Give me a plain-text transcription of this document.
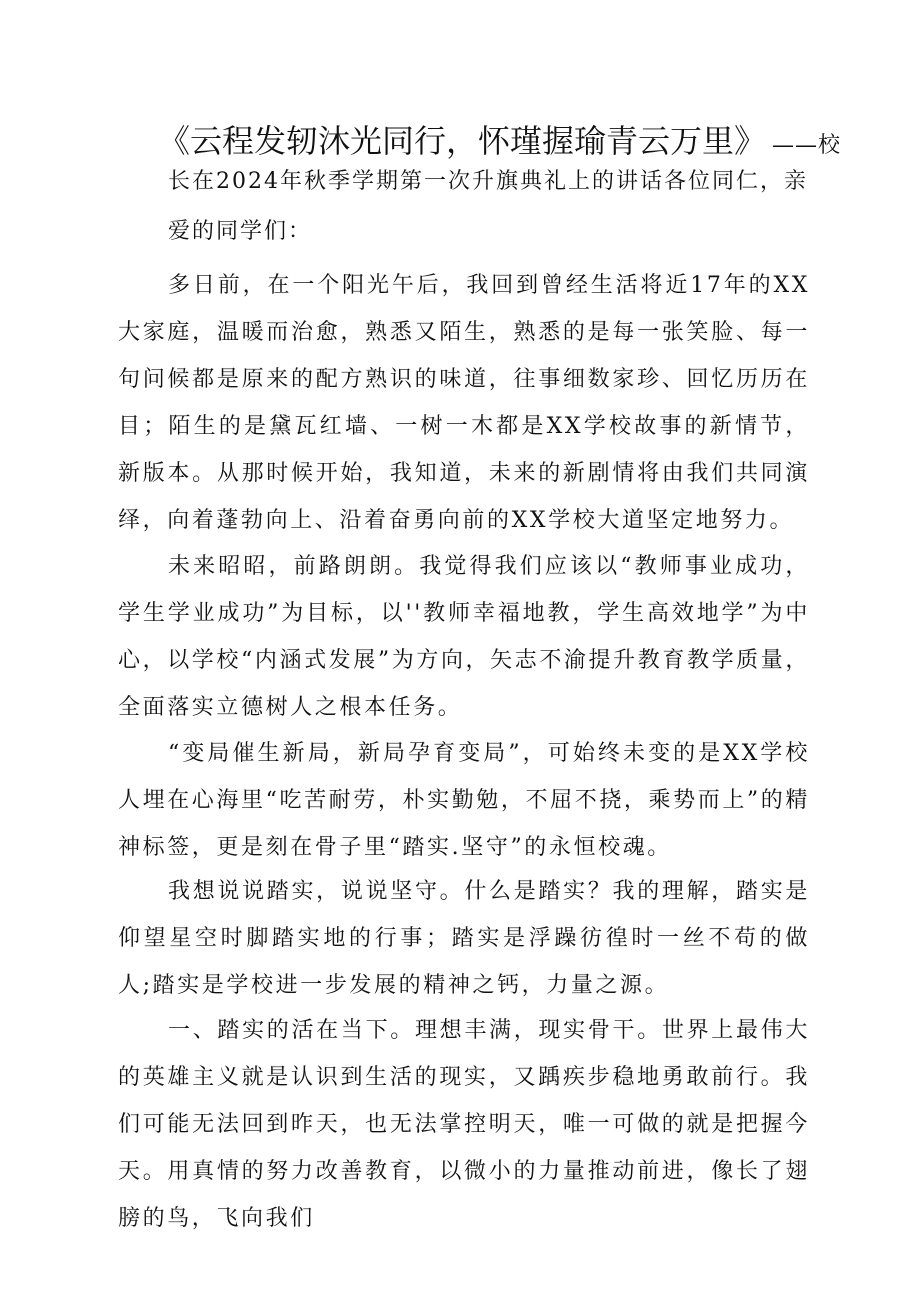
《云程发轫沐光同行，怀瑾握瑜青云万里》 ——校

长在2024年秋季学期第一次升旗典礼上的讲话各位同仁，亲爱的同学们：

多日前，在一个阳光午后，我回到曾经生活将近17年的XX大家庭，温暖而治愈，熟悉又陌生，熟悉的是每一张笑脸、每一句问候都是原来的配方熟识的味道，往事细数家珍、回忆历历在目；陌生的是黛瓦红墙、一树一木都是XX学校故事的新情节，新版本。从那时候开始，我知道，未来的新剧情将由我们共同演绎，向着蓬勃向上、沿着奋勇向前的XX学校大道坚定地努力。

未来昭昭，前路朗朗。我觉得我们应该以“教师事业成功，学生学业成功”为目标，以''教师幸福地教，学生高效地学”为中心，以学校“内涵式发展”为方向，矢志不渝提升教育教学质量，全面落实立德树人之根本任务。

“变局催生新局，新局孕育变局”，可始终未变的是XX学校人埋在心海里“吃苦耐劳，朴实勤勉，不屈不挠，乘势而上”的精神标签，更是刻在骨子里“踏实.坚守”的永恒校魂。

我想说说踏实，说说坚守。什么是踏实？我的理解，踏实是仰望星空时脚踏实地的行事；踏实是浮躁彷徨时一丝不苟的做人;踏实是学校进一步发展的精神之钙，力量之源。

一、踏实的活在当下。理想丰满，现实骨干。世界上最伟大的英雄主义就是认识到生活的现实，又踽疾步稳地勇敢前行。我们可能无法回到昨天，也无法掌控明天，唯一可做的就是把握今天。用真情的努力改善教育，以微小的力量推动前进，像长了翅膀的鸟，飞向我们
